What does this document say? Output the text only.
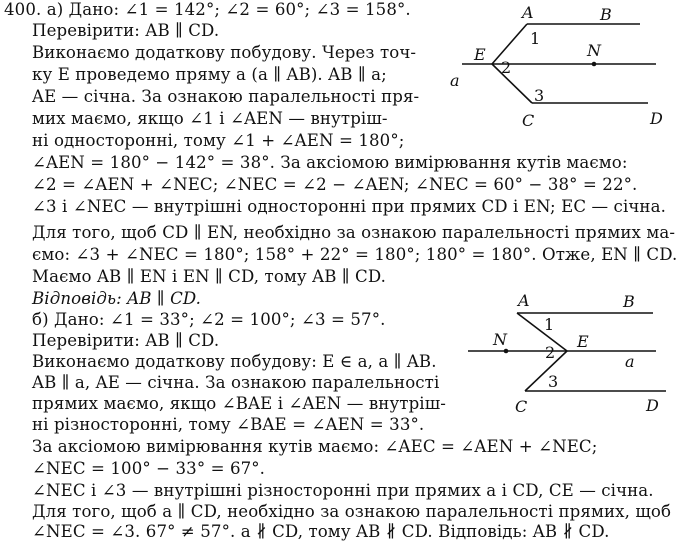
400. а) Дано: ∠1 = 142°; ∠2 = 60°; ∠3 = 158°.
Перевірити: AB ∥ CD.
Виконаємо додаткову побудову. Через точ-
ку E проведемо пряму a (a ∥ AB). AB ∥ a;
AE — січна. За ознакою паралельності пря-
мих маємо, якщо ∠1 і ∠AEN — внутріш-
ні односторонні, тому ∠1 + ∠AEN = 180°;
∠AEN = 180° − 142° = 38°. За аксіомою вимірювання кутів маємо:
∠2 = ∠AEN + ∠NEC; ∠NEC = ∠2 − ∠AEN; ∠NEC = 60° − 38° = 22°.
∠3 і ∠NEC — внутрішні односторонні при прямих CD і EN; EC — січна.
Для того, щоб CD ∥ EN, необхідно за ознакою паралельності прямих ма-
ємо: ∠3 + ∠NEC = 180°; 158° + 22° = 180°; 180° = 180°. Отже, EN ∥ CD.
Маємо AB ∥ EN і EN ∥ CD, тому AB ∥ CD.
Відповідь: AB ∥ CD.
б) Дано: ∠1 = 33°; ∠2 = 100°; ∠3 = 57°.
Перевірити: AB ∥ CD.
Виконаємо додаткову побудову: E ∈ a, a ∥ AB.
AB ∥ a, AE — січна. За ознакою паралельності
прямих маємо, якщо ∠BAE і ∠AEN — внутріш-
ні різносторонні, тому ∠BAE = ∠AEN = 33°.
За аксіомою вимірювання кутів маємо: ∠AEC = ∠AEN + ∠NEC;
∠NEC = 100° − 33° = 67°.
∠NEC і ∠3 — внутрішні різносторонні при прямих a і CD, CE — січна.
Для того, щоб a ∥ CD, необхідно за ознакою паралельності прямих, щоб
∠NEC = ∠3. 67° ≠ 57°. a ∦ CD, тому AB ∦ CD. Відповідь: AB ∦ CD.
A	B
1
E	N
2
a
3
C	D
A	B
1
N	E
2	a
3
C	D
